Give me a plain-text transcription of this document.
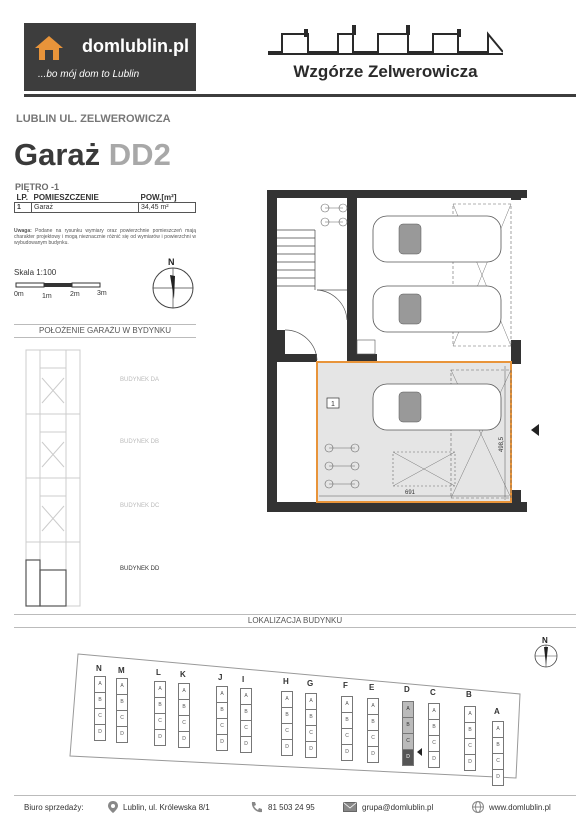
domlublin.pl
...bo mój dom to Lublin	Wzgórze Zelwerowicza
LUBLIN UL. ZELWEROWICZA
Garaż DD2
PIĘTRO -1
LP.	POMIESZCZENIE	POW.[m²]
1	Garaż	34,45 m²
Uwaga: Podane na rysunku wymiary oraz powierzchnie pomieszczeń mają charakter projektowy i mogą nieznacznie różnić się od wymiarów i powierzchni w wybudowanym budynku.
Skala 1:100
0m	1m	2m 3m
N
POŁOŻENIE GARAŻU W BYDYNKU
BUDYNEK DA
BUDYNEK DB
BUDYNEK DC
BUDYNEK DD
1
691
498,5
LOKALIZACJA BUDYNKU
N
N
A
B
C
D
M
A
B
C
D
L
A
B
C
D
K
A
B
C
D
J
A
B
C
D
I
A
B
C
D
H
A
B
C
D
G
A
B
C
D
F
A
B
C
D
E
A
B
C
D
D
A
B
C
D
C
A
B
C
D
B
A
B
C
D
A
A
B
C
D
Biuro sprzedaży:	Lublin, ul. Królewska 8/1	81 503 24 95	grupa@domlublin.pl	www.domlublin.pl
